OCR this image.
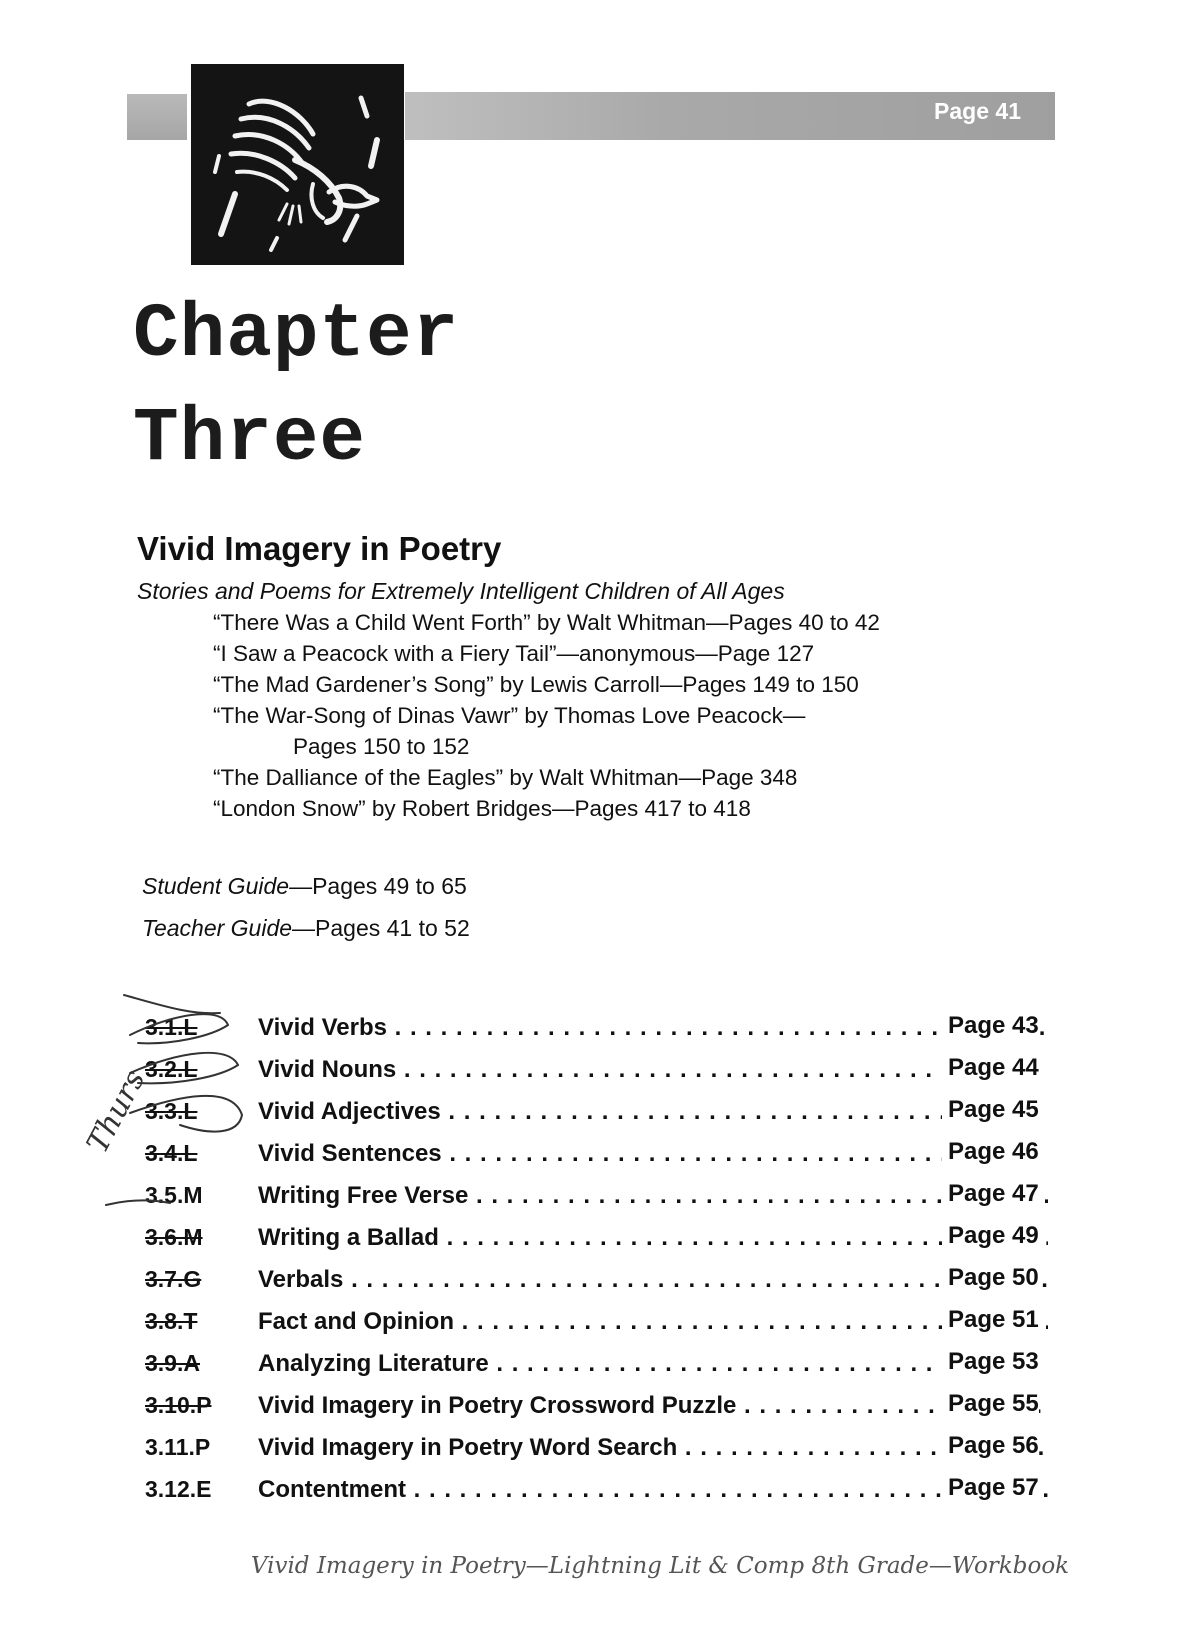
Page 41
Chapter
Three
Vivid Imagery in Poetry
Stories and Poems for Extremely Intelligent Children of All Ages
“There Was a Child Went Forth” by Walt Whitman—Pages 40 to 42
“I Saw a Peacock with a Fiery Tail”—anonymous—Page 127
“The Mad Gardener’s Song” by Lewis Carroll—Pages 149 to 150
“The War-Song of Dinas Vawr” by Thomas Love Peacock—
Pages 150 to 152
“The Dalliance of the Eagles” by Walt Whitman—Page 348
“London Snow” by Robert Bridges—Pages 417 to 418
Student Guide—Pages 49 to 65
Teacher Guide—Pages 41 to 52
3.1.L	Vivid Verbs . . .	Page 43
3.2.L	Vivid Nouns . . .	Page 44
3.3.L	Vivid Adjectives . . .	Page 45
3.4.L	Vivid Sentences . . .	Page 46
3.5.M Writing Free Verse . . .	Page 47
3.6.M Writing a Ballad . . .	Page 49
3.7.G Verbals . . .	Page 50
3.8.T	Fact and Opinion . . .	Page 51
3.9.A Analyzing Literature . . .	Page 53
3.10.P Vivid Imagery in Poetry Crossword Puzzle . . .	Page 55
3.11.P Vivid Imagery in Poetry Word Search . . .	Page 56
3.12.E Contentment . . .	Page 57
Thurs
Vivid Imagery in Poetry—Lightning Lit & Comp 8th Grade—Workbook
